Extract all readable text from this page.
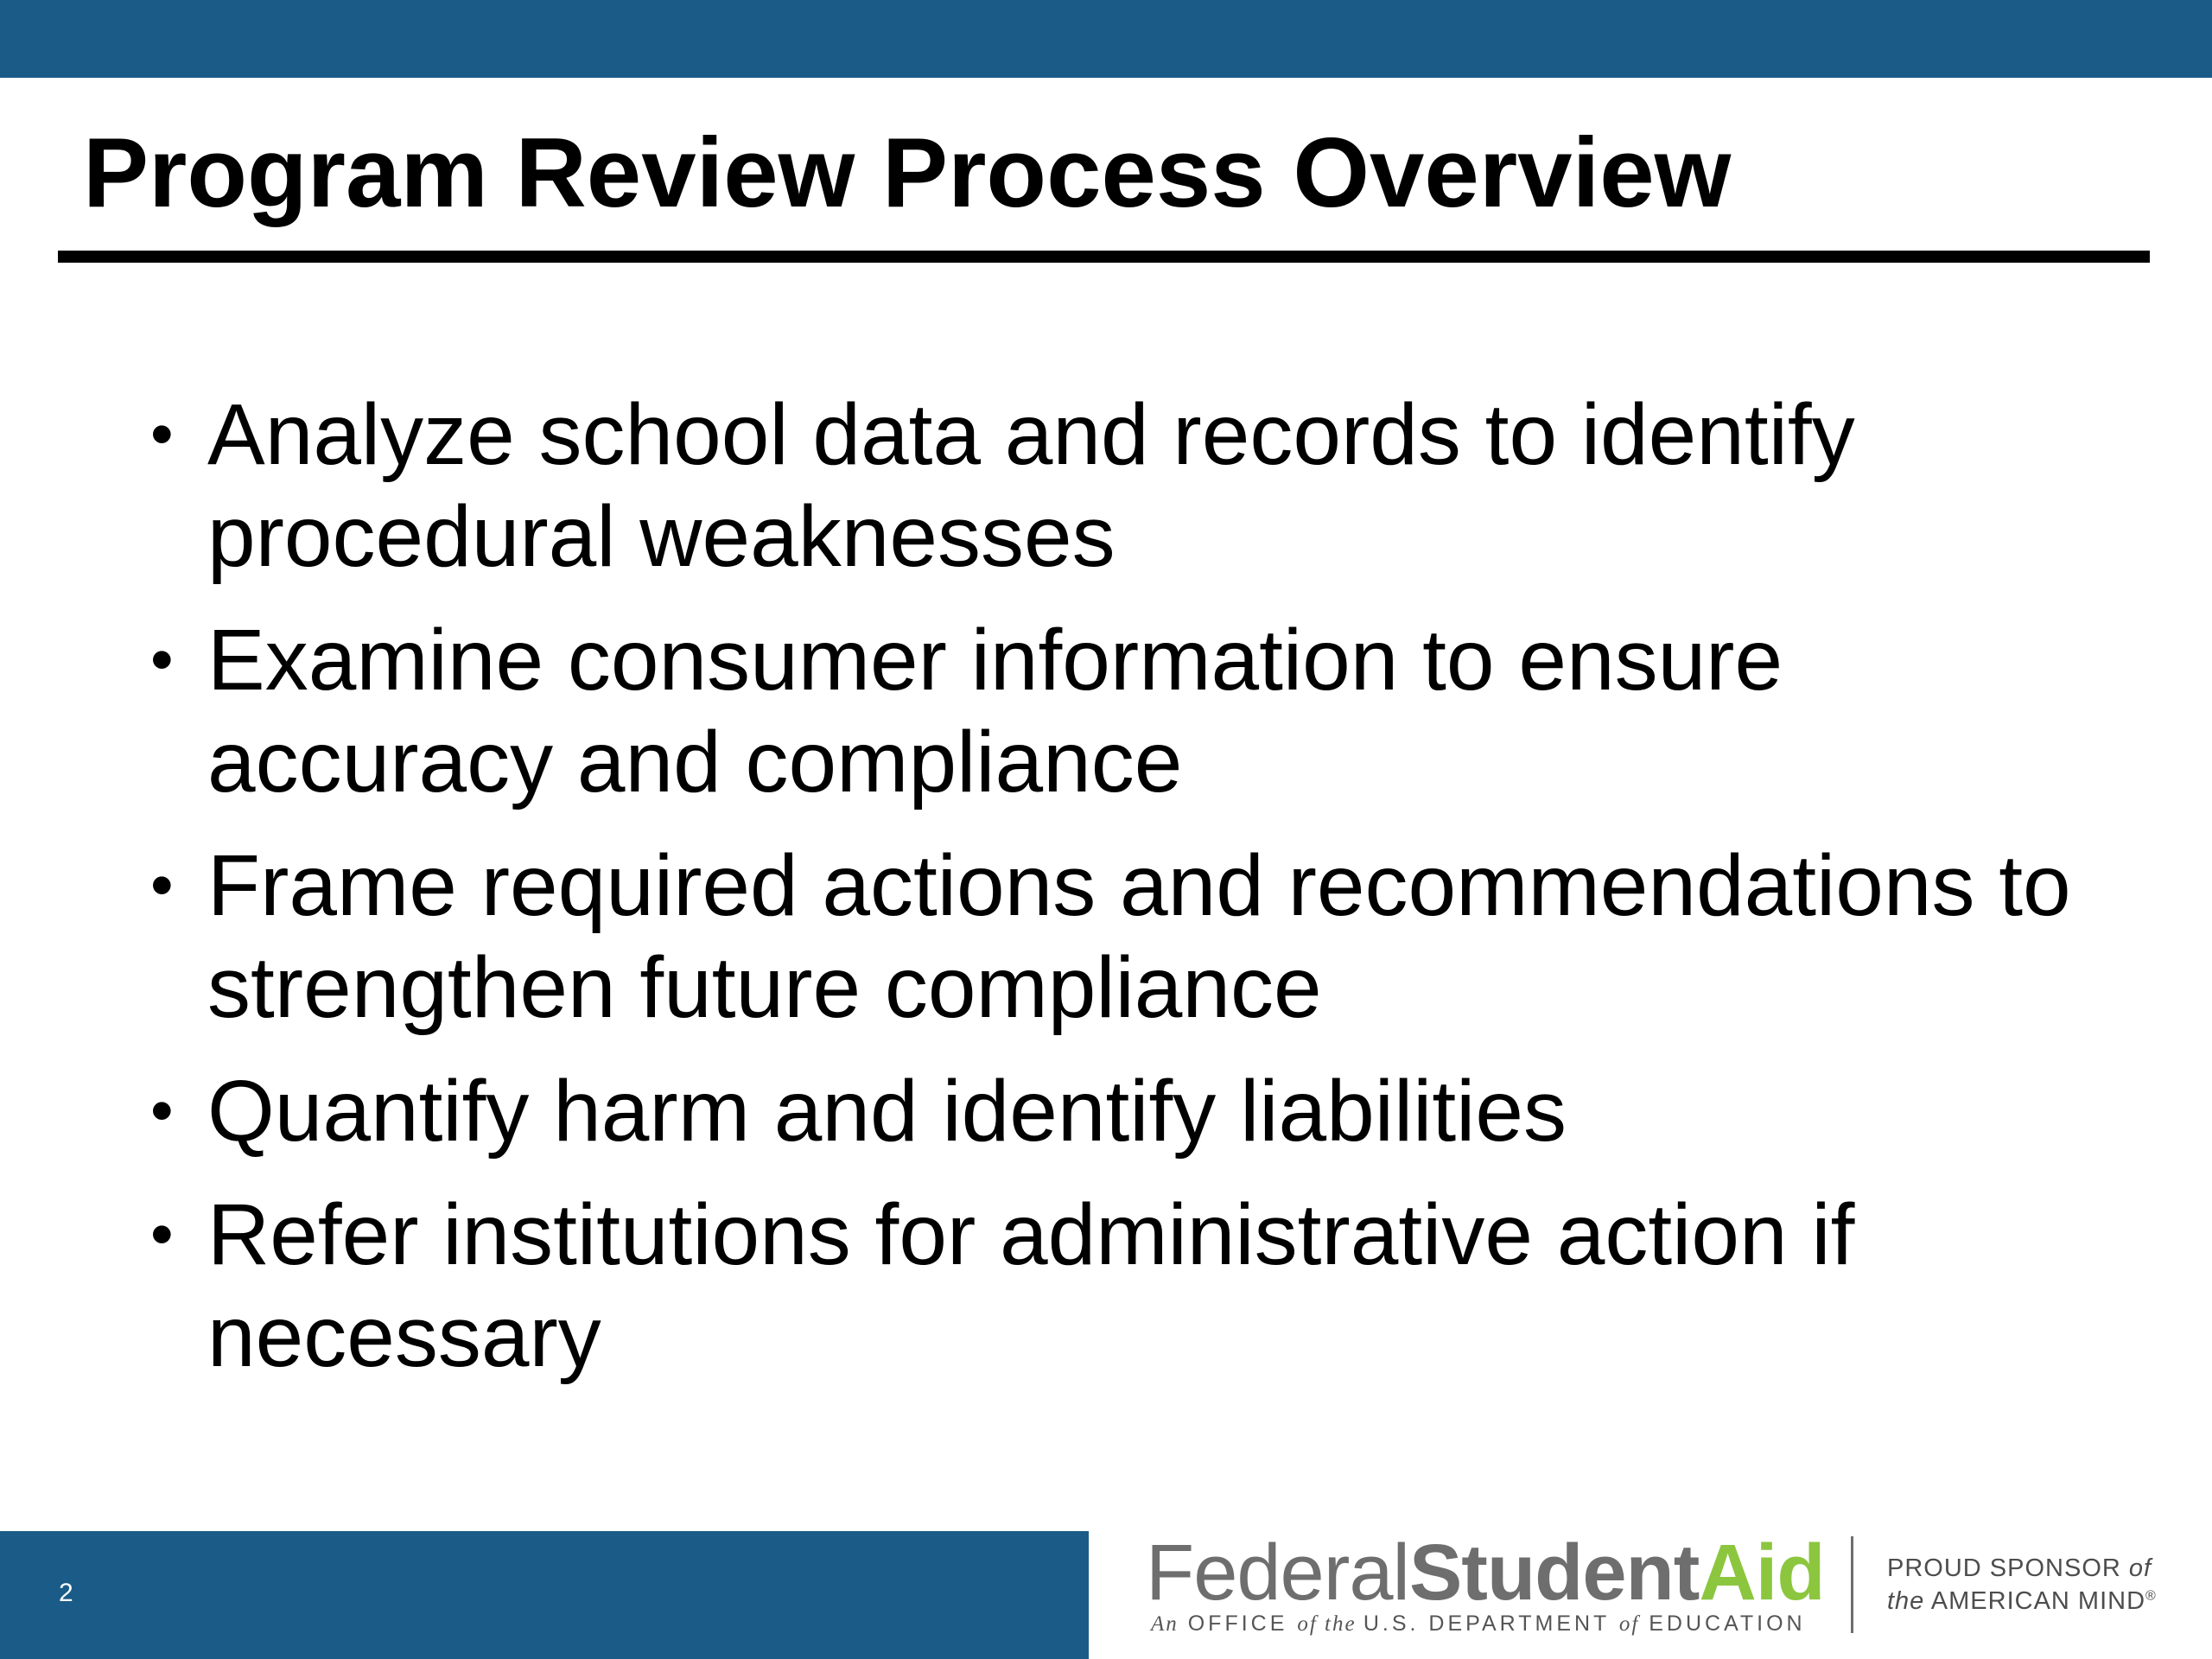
Program Review Process Overview
• Analyze school data and records to identify
procedural weaknesses
• Examine consumer information to ensure
accuracy and compliance
• Frame required actions and recommendations to
strengthen future compliance
• Quantify harm and identify liabilities
• Refer institutions for administrative action if
necessary
2	FederalStudentAid
An OFFICE of the U.S. DEPARTMENT of EDUCATION
PROUD SPONSOR of
the AMERICAN MIND®
